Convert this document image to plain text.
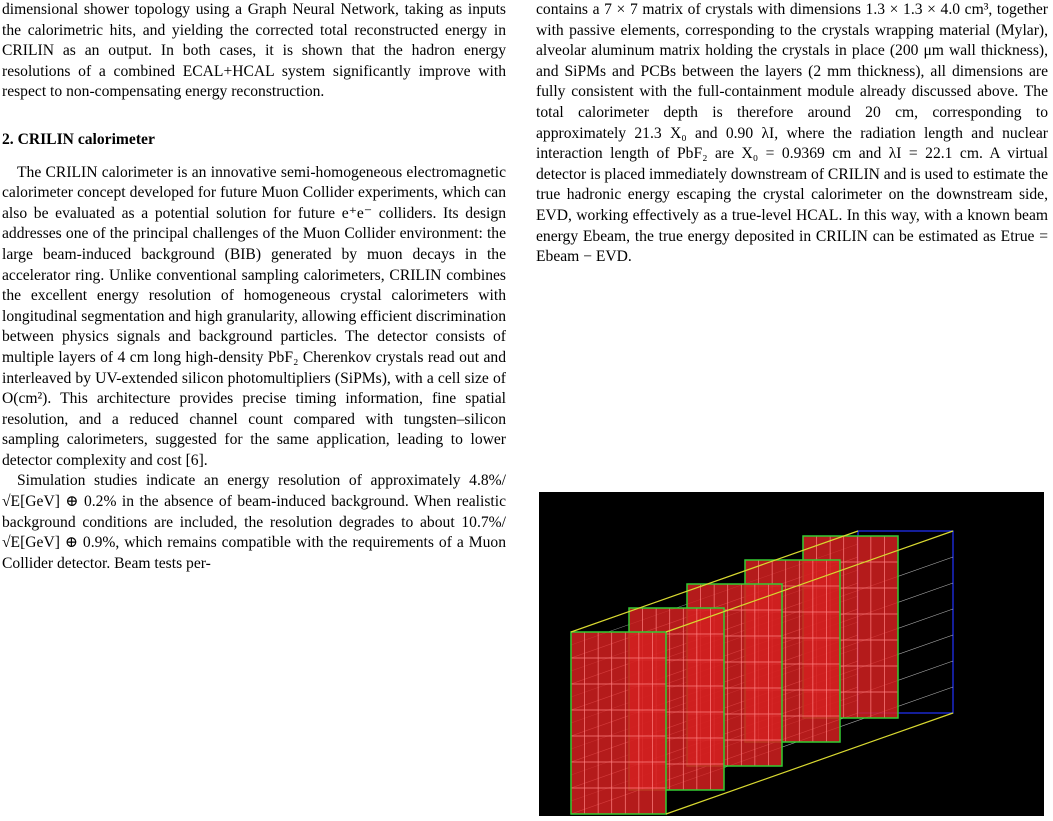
dimensional shower topology using a Graph Neural Network, taking as inputs the calorimetric hits, and yielding the corrected total reconstructed energy in CRILIN as an output. In both cases, it is shown that the hadron energy resolutions of a combined ECAL+HCAL system significantly improve with respect to non-compensating energy reconstruction.

2. CRILIN calorimeter

The CRILIN calorimeter is an innovative semi-homogeneous electromagnetic calorimeter concept developed for future Muon Collider experiments, which can also be evaluated as a potential solution for future e⁺e⁻ colliders. Its design addresses one of the principal challenges of the Muon Collider environment: the large beam-induced background (BIB) generated by muon decays in the accelerator ring. Unlike conventional sampling calorimeters, CRILIN combines the excellent energy resolution of homogeneous crystal calorimeters with longitudinal segmentation and high granularity, allowing efficient discrimination between physics signals and background particles. The detector consists of multiple layers of 4 cm long high-density PbF₂ Cherenkov crystals read out and interleaved by UV-extended silicon photomultipliers (SiPMs), with a cell size of O(cm²). This architecture provides precise timing information, fine spatial resolution, and a reduced channel count compared with tungsten–silicon sampling calorimeters, suggested for the same application, leading to lower detector complexity and cost [6].

Simulation studies indicate an energy resolution of approximately 4.8%/ √E[GeV] ⊕ 0.2% in the absence of beam-induced background. When realistic background conditions are included, the resolution degrades to about 10.7%/ √E[GeV] ⊕ 0.9%, which remains compatible with the requirements of a Muon Collider detector. Beam tests per-

contains a 7 × 7 matrix of crystals with dimensions 1.3 × 1.3 × 4.0 cm³, together with passive elements, corresponding to the crystals wrapping material (Mylar), alveolar aluminum matrix holding the crystals in place (200 μm wall thickness), and SiPMs and PCBs between the layers (2 mm thickness), all dimensions are fully consistent with the full-containment module already discussed above. The total calorimeter depth is therefore around 20 cm, corresponding to approximately 21.3 X₀ and 0.90 λI, where the radiation length and nuclear interaction length of PbF₂ are X₀ = 0.9369 cm and λI = 22.1 cm. A virtual detector is placed immediately downstream of CRILIN and is used to estimate the true hadronic energy escaping the crystal calorimeter on the downstream side, EVD, working effectively as a true-level HCAL. In this way, with a known beam energy Ebeam, the true energy deposited in CRILIN can be estimated as Etrue = Ebeam − EVD.
